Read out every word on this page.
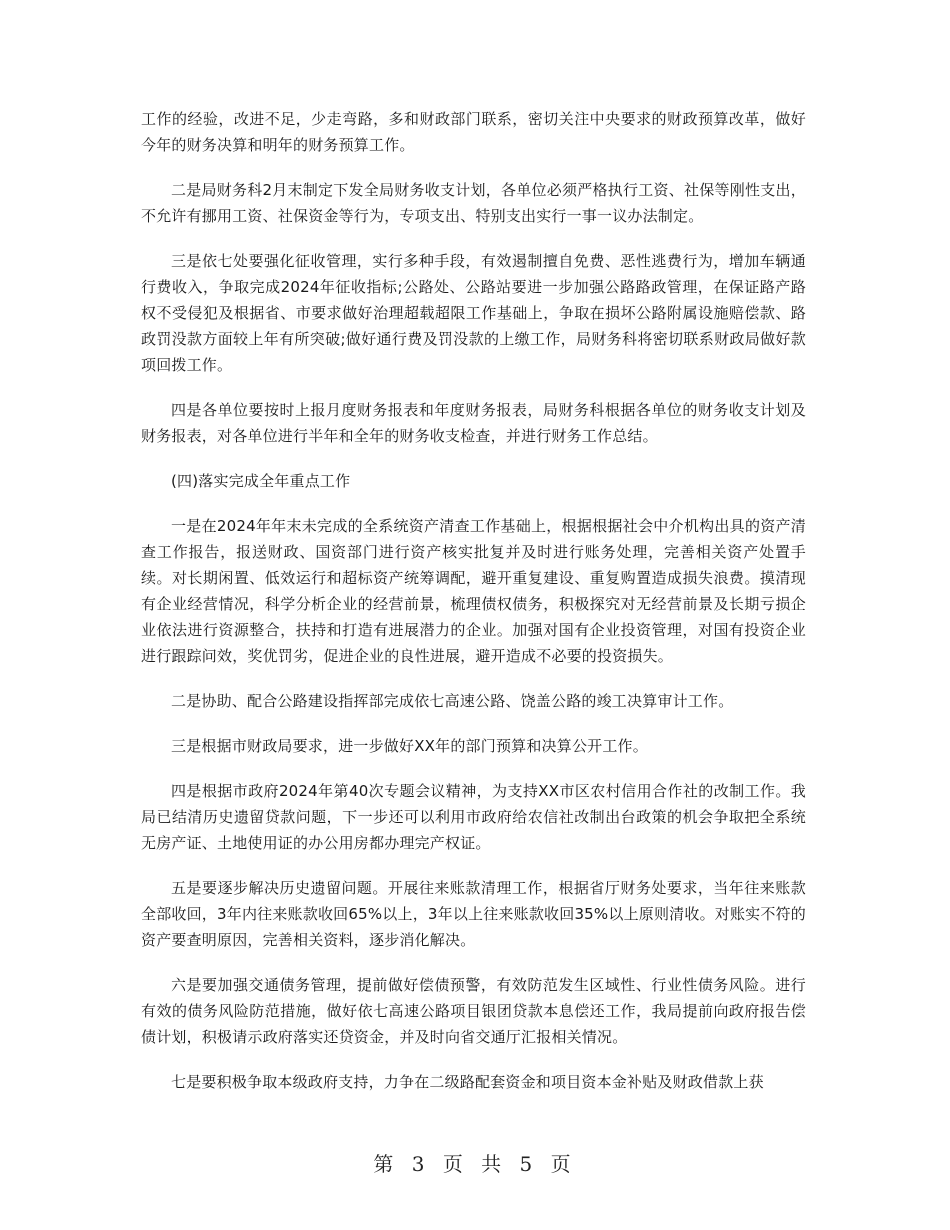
工作的经验，改进不足，少走弯路，多和财政部门联系，密切关注中央要求的财政预算改革，做好今年的财务决算和明年的财务预算工作。

二是局财务科2月末制定下发全局财务收支计划，各单位必须严格执行工资、社保等刚性支出，不允许有挪用工资、社保资金等行为，专项支出、特别支出实行一事一议办法制定。

三是依七处要强化征收管理，实行多种手段，有效遏制擅自免费、恶性逃费行为，增加车辆通行费收入，争取完成2024年征收指标;公路处、公路站要进一步加强公路路政管理，在保证路产路权不受侵犯及根据省、市要求做好治理超载超限工作基础上，争取在损坏公路附属设施赔偿款、路政罚没款方面较上年有所突破;做好通行费及罚没款的上缴工作，局财务科将密切联系财政局做好款项回拨工作。

四是各单位要按时上报月度财务报表和年度财务报表，局财务科根据各单位的财务收支计划及财务报表，对各单位进行半年和全年的财务收支检查，并进行财务工作总结。

(四)落实完成全年重点工作

一是在2024年年末未完成的全系统资产清查工作基础上，根据根据社会中介机构出具的资产清查工作报告，报送财政、国资部门进行资产核实批复并及时进行账务处理，完善相关资产处置手续。对长期闲置、低效运行和超标资产统筹调配，避开重复建设、重复购置造成损失浪费。摸清现有企业经营情况，科学分析企业的经营前景，梳理债权债务，积极探究对无经营前景及长期亏损企业依法进行资源整合，扶持和打造有进展潜力的企业。加强对国有企业投资管理，对国有投资企业进行跟踪问效，奖优罚劣，促进企业的良性进展，避开造成不必要的投资损失。

二是协助、配合公路建设指挥部完成依七高速公路、饶盖公路的竣工决算审计工作。

三是根据市财政局要求，进一步做好XX年的部门预算和决算公开工作。

四是根据市政府2024年第40次专题会议精神，为支持XX市区农村信用合作社的改制工作。我局已结清历史遗留贷款问题，下一步还可以利用市政府给农信社改制出台政策的机会争取把全系统无房产证、土地使用证的办公用房都办理完产权证。

五是要逐步解决历史遗留问题。开展往来账款清理工作，根据省厅财务处要求，当年往来账款全部收回，3年内往来账款收回65%以上，3年以上往来账款收回35%以上原则清收。对账实不符的资产要查明原因，完善相关资料，逐步消化解决。

六是要加强交通债务管理，提前做好偿债预警，有效防范发生区域性、行业性债务风险。进行有效的债务风险防范措施，做好依七高速公路项目银团贷款本息偿还工作，我局提前向政府报告偿债计划，积极请示政府落实还贷资金，并及时向省交通厅汇报相关情况。

七是要积极争取本级政府支持，力争在二级路配套资金和项目资本金补贴及财政借款上获

第 3 页 共 5 页
